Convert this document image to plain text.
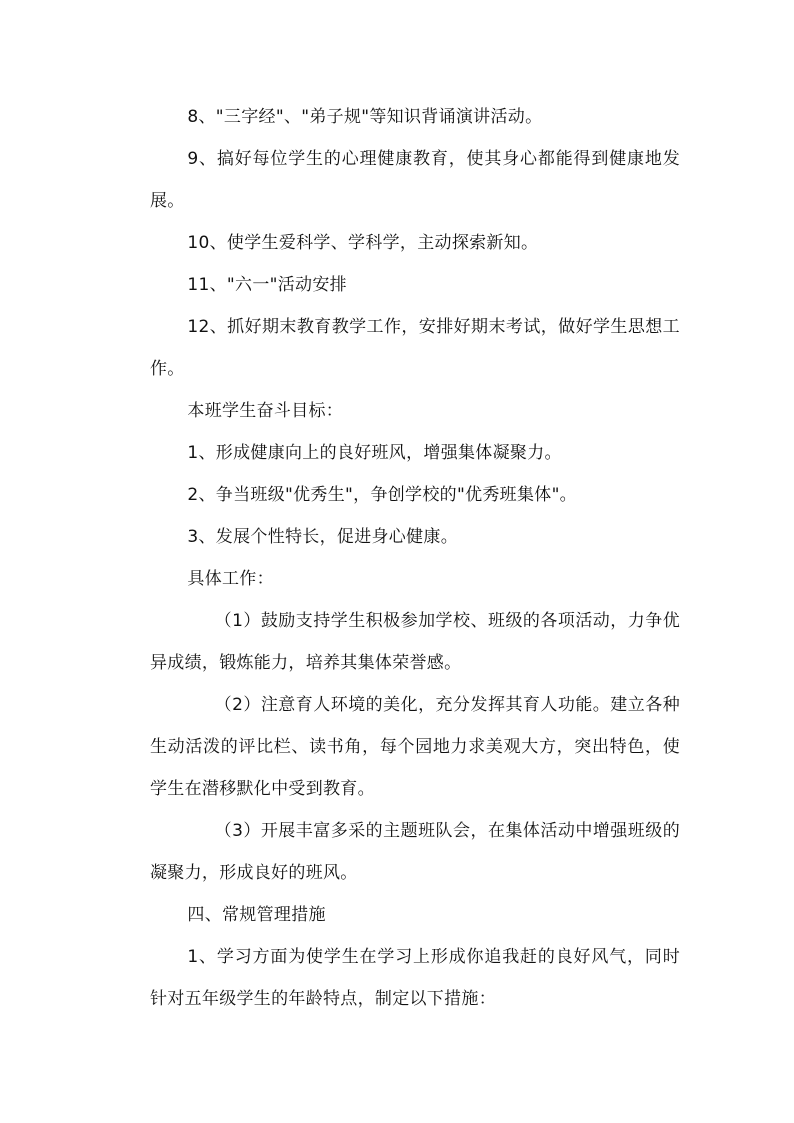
8、"三字经"、"弟子规"等知识背诵演讲活动。

9、搞好每位学生的心理健康教育，使其身心都能得到健康地发展。

10、使学生爱科学、学科学，主动探索新知。

11、"六一"活动安排

12、抓好期末教育教学工作，安排好期末考试，做好学生思想工作。

本班学生奋斗目标：

1、形成健康向上的良好班风，增强集体凝聚力。

2、争当班级"优秀生"，争创学校的"优秀班集体"。

3、发展个性特长，促进身心健康。

具体工作：

（1）鼓励支持学生积极参加学校、班级的各项活动，力争优异成绩，锻炼能力，培养其集体荣誉感。

（2）注意育人环境的美化，充分发挥其育人功能。建立各种生动活泼的评比栏、读书角，每个园地力求美观大方，突出特色，使学生在潜移默化中受到教育。

（3）开展丰富多采的主题班队会，在集体活动中增强班级的凝聚力，形成良好的班风。

四、常规管理措施

1、学习方面为使学生在学习上形成你追我赶的良好风气，同时针对五年级学生的年龄特点，制定以下措施：
